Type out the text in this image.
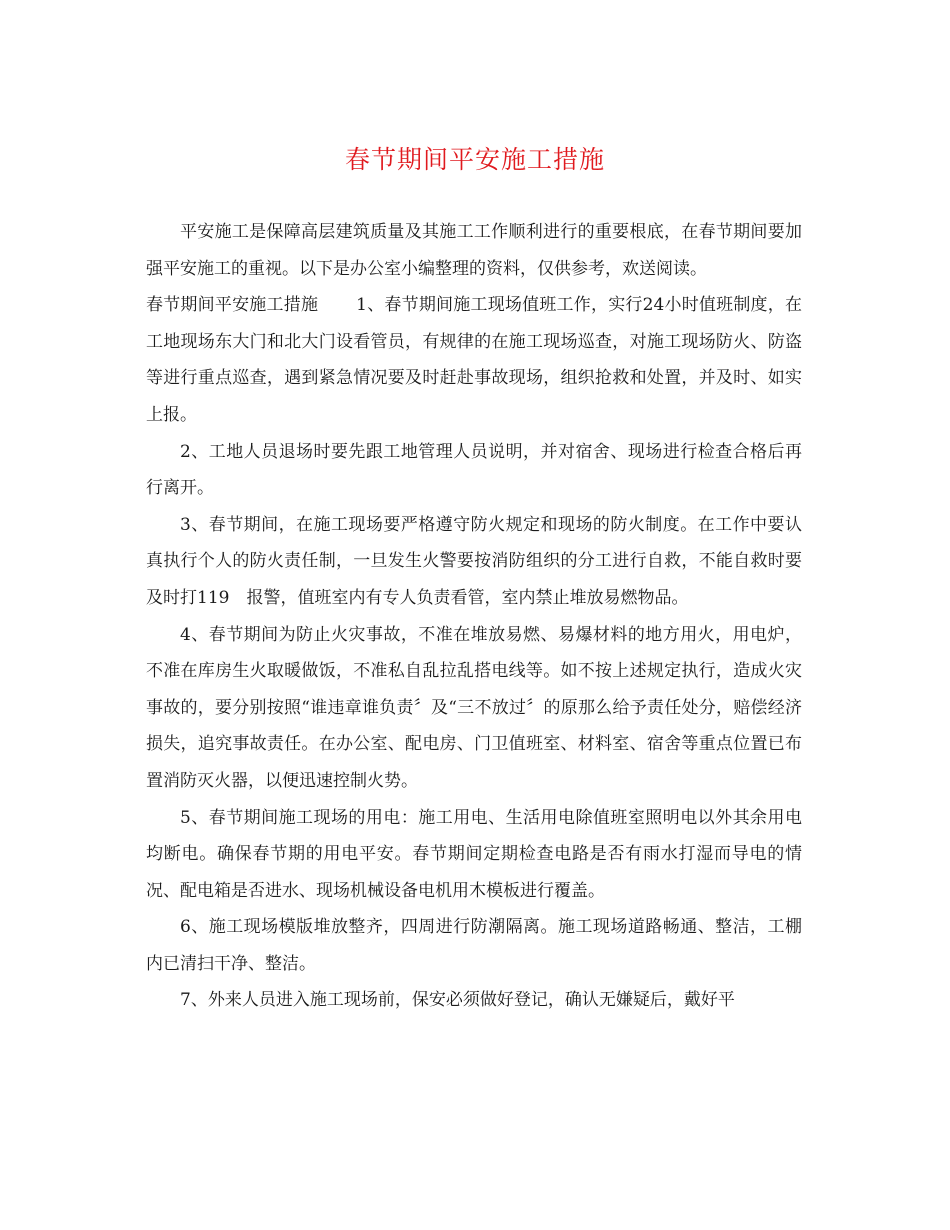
春节期间平安施工措施

平安施工是保障高层建筑质量及其施工工作顺利进行的重要根底，在春节期间要加强平安施工的重视。以下是办公室小编整理的资料，仅供参考，欢送阅读。

春节期间平安施工措施 1、春节期间施工现场值班工作，实行24小时值班制度，在工地现场东大门和北大门设看管员，有规律的在施工现场巡查，对施工现场防火、防盗等进行重点巡查，遇到紧急情况要及时赶赴事故现场，组织抢救和处置，并及时、如实上报。

2、工地人员退场时要先跟工地管理人员说明，并对宿舍、现场进行检查合格后再行离开。

3、春节期间，在施工现场要严格遵守防火规定和现场的防火制度。在工作中要认真执行个人的防火责任制，一旦发生火警要按消防组织的分工进行自救，不能自救时要及时打119　报警，值班室内有专人负责看管，室内禁止堆放易燃物品。

4、春节期间为防止火灾事故，不准在堆放易燃、易爆材料的地方用火，用电炉，不准在库房生火取暖做饭，不准私自乱拉乱搭电线等。如不按上述规定执行，造成火灾事故的，要分别按照“谁违章谁负责〞及“三不放过〞的原那么给予责任处分，赔偿经济损失，追究事故责任。在办公室、配电房、门卫值班室、材料室、宿舍等重点位置已布置消防灭火器，以便迅速控制火势。

5、春节期间施工现场的用电：施工用电、生活用电除值班室照明电以外其余用电均断电。确保春节期的用电平安。春节期间定期检查电路是否有雨水打湿而导电的情况、配电箱是否进水、现场机械设备电机用木模板进行覆盖。

6、施工现场模版堆放整齐，四周进行防潮隔离。施工现场道路畅通、整洁，工棚内已清扫干净、整洁。

7、外来人员进入施工现场前，保安必须做好登记，确认无嫌疑后，戴好平
